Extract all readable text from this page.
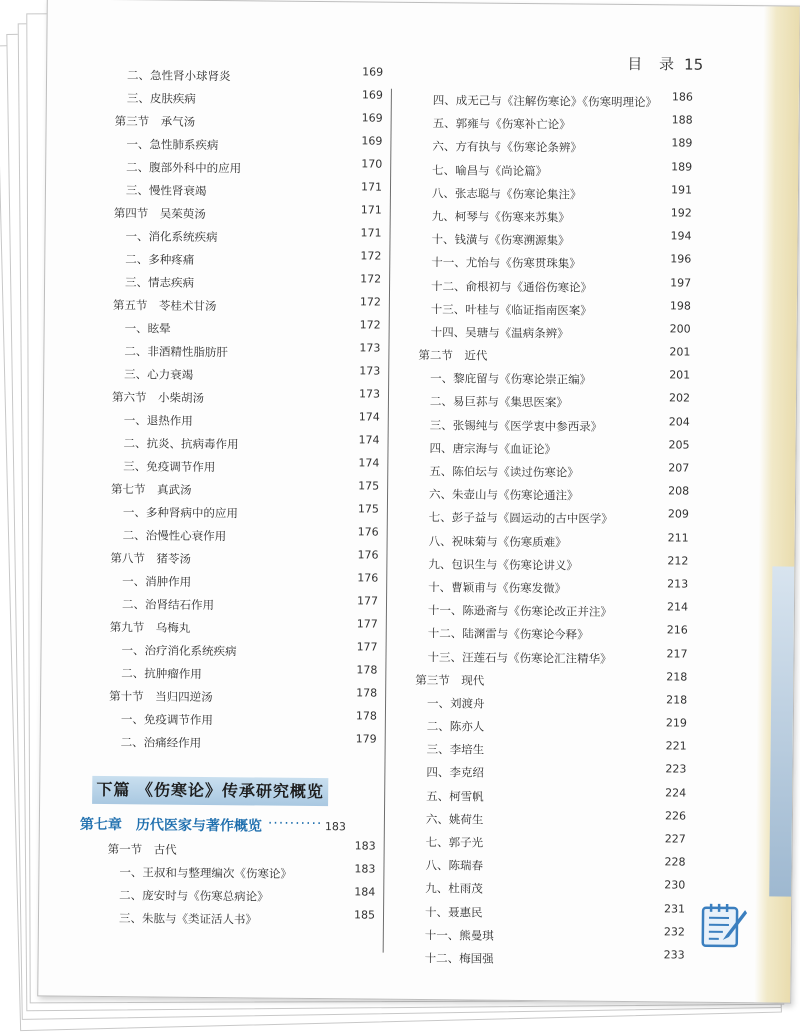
目 录 15
二、急性肾小球肾炎	169
三、皮肤疾病	169
第三节　承气汤	169
一、急性肺系疾病	169
二、腹部外科中的应用	170
三、慢性肾衰竭	171
第四节　吴茱萸汤	171
一、消化系统疾病	171
二、多种疼痛	172
三、情志疾病	172
第五节　苓桂术甘汤	172
一、眩晕	172
二、非酒精性脂肪肝	173
三、心力衰竭	173
第六节　小柴胡汤	173
一、退热作用	174
二、抗炎、抗病毒作用	174
三、免疫调节作用	174
第七节　真武汤	175
一、多种肾病中的应用	175
二、治慢性心衰作用	176
第八节　猪苓汤	176
一、消肿作用	176
二、治肾结石作用	177
第九节　乌梅丸	177
一、治疗消化系统疾病	177
二、抗肿瘤作用	178
第十节　当归四逆汤	178
一、免疫调节作用	178
二、治痛经作用	179
下篇 《伤寒论》传承研究概览
第七章　历代医家与著作概览 ·········· 183
第一节　古代	183
一、王叔和与整理编次《伤寒论》	183
二、庞安时与《伤寒总病论》	184
三、朱肱与《类证活人书》	185
四、成无己与《注解伤寒论》《伤寒明理论》 186
五、郭雍与《伤寒补亡论》	188
六、方有执与《伤寒论条辨》	189
七、喻昌与《尚论篇》	189
八、张志聪与《伤寒论集注》	191
九、柯琴与《伤寒来苏集》	192
十、钱潢与《伤寒溯源集》	194
十一、尤怡与《伤寒贯珠集》	196
十二、俞根初与《通俗伤寒论》	197
十三、叶桂与《临证指南医案》	198
十四、吴瑭与《温病条辨》	200
第二节　近代	201
一、黎庇留与《伤寒论崇正编》	201
二、易巨荪与《集思医案》	202
三、张锡纯与《医学衷中参西录》	204
四、唐宗海与《血证论》	205
五、陈伯坛与《读过伤寒论》	207
六、朱壶山与《伤寒论通注》	208
七、彭子益与《圆运动的古中医学》	209
八、祝味菊与《伤寒质难》	211
九、包识生与《伤寒论讲义》	212
十、曹颖甫与《伤寒发微》	213
十一、陈逊斋与《伤寒论改正并注》	214
十二、陆渊雷与《伤寒论今释》	216
十三、汪莲石与《伤寒论汇注精华》	217
第三节　现代	218
一、刘渡舟	218
二、陈亦人	219
三、李培生	221
四、李克绍	223
五、柯雪帆	224
六、姚荷生	226
七、郭子光	227
八、陈瑞春	228
九、杜雨茂	230
十、聂惠民	231
十一、熊曼琪	232
十二、梅国强	233
